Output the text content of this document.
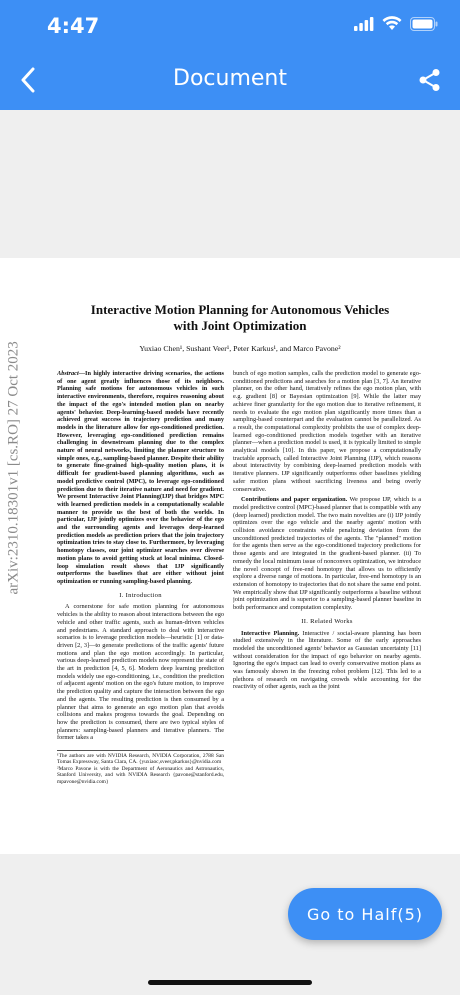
4:47
Document
arXiv:2310.18301v1 [cs.RO] 27 Oct 2023
Interactive Motion Planning for Autonomous Vehicles
with Joint Optimization
Yuxiao Chen¹, Sushant Veer¹, Peter Karkus¹, and Marco Pavone²
Abstract—In highly interactive driving scenarios, the actions of one agent greatly influences those of its neighbors. Planning safe motions for autonomous vehicles in such interactive environments, therefore, requires reasoning about the impact of the ego's intended motion plan on nearby agents' behavior. Deep-learning-based models have recently achieved great success in trajectory prediction and many models in the literature allow for ego-conditioned prediction. However, leveraging ego-conditioned prediction remains challenging in downstream planning due to the complex nature of neural networks, limiting the planner structure to simple ones, e.g., sampling-based planner. Despite their ability to generate fine-grained high-quality motion plans, it is difficult for gradient-based planning algorithms, such as model predictive control (MPC), to leverage ego-conditioned prediction due to their iterative nature and need for gradient. We present Interactive Joint Planning(IJP) that bridges MPC with learned prediction models in a computationally scalable manner to provide us the best of both the worlds. In particular, IJP jointly optimizes over the behavior of the ego and the surrounding agents and leverages deep-learned prediction models as prediction priors that the join trajectory optimization tries to stay close to. Furthermore, by leveraging homotopy classes, our joint optimizer searches over diverse motion plans to avoid getting stuck at local minima. Closed-loop simulation result shows that IJP significantly outperforms the baselines that are either without joint optimization or running sampling-based planning.
I. Introduction

A cornerstone for safe motion planning for autonomous vehicles is the ability to reason about interactions between the ego vehicle and other traffic agents, such as human-driven vehicles and pedestrians. A standard approach to deal with interactive scenarios is to leverage prediction models—heuristic [1] or data-driven [2, 3]—to generate predictions of the traffic agents' future motions and plan the ego motion accordingly. In particular, various deep-learned prediction models now represent the state of the art in prediction [4, 5, 6]. Modern deep learning prediction models widely use ego-conditioning, i.e., condition the prediction of adjacent agents' motion on the ego's future motion, to improve the prediction quality and capture the interaction between the ego and the agents. The resulting prediction is then consumed by a planner that aims to generate an ego motion plan that avoids collisions and makes progress towards the goal. Depending on how the prediction is consumed, there are two typical styles of planners: sampling-based planners and iterative planners. The former takes a

¹The authors are with NVIDIA Research, NVIDIA Corporation, 2788 San Tomas Expressway, Santa Clara, CA. {yuxiaoc,sveer,pkarkus}@nvidia.com
²Marco Pavone is with the Department of Aeronautics and Astronautics, Stanford University, and with NVIDIA Research {pavone@stanford.edu, mpavone@nvidia.com}

bunch of ego motion samples, calls the prediction model to generate ego-conditioned predictions and searches for a motion plan [3, 7]. An iterative planner, on the other hand, iteratively refines the ego motion plan, with e.g. gradient [8] or Bayesian optimization [9]. While the latter may achieve finer granularity for the ego motion due to iterative refinement, it needs to evaluate the ego motion plan significantly more times than a sampling-based counterpart and the evaluation cannot be parallelized. As a result, the computational complexity prohibits the use of complex deep-learned ego-conditioned prediction models together with an iterative planner—when a prediction model is used, it is typically limited to simple analytical models [10]. In this paper, we propose a computationally tractable approach, called Interactive Joint Planning (IJP), which reasons about interactivity by combining deep-learned prediction models with iterative planners. IJP significantly outperforms other baselines yielding safer motion plans without sacrificing liveness and being overly conservative.

Contributions and paper organization. We propose IJP, which is a model predictive control (MPC)-based planner that is compatible with any (deep learned) prediction model. The two main novelties are (i) IJP jointly optimizes over the ego vehicle and the nearby agents' motion with collision avoidance constraints while penalizing deviation from the unconditioned predicted trajectories of the agents. The "planned" motion for the agents then serve as the ego-conditioned trajectory predictions for those agents and are integrated in the gradient-based planner. (ii) To remedy the local minimum issue of nonconvex optimization, we introduce the novel concept of free-end homotopy that allows us to efficiently explore a diverse range of motions. In particular, free-end homotopy is an extension of homotopy to trajectories that do not share the same end point. We empirically show that IJP significantly outperforms a baseline without joint optimization and is superior to a sampling-based planner baseline in both performance and computation complexity.

II. Related Works

Interactive Planning. Interactive / social-aware planning has been studied extensively in the literature. Some of the early approaches modeled the unconditioned agents' behavior as Gaussian uncertainty [11] without consideration for the impact of ego behavior on nearby agents. Ignoring the ego's impact can lead to overly conservative motion plans as was famously shown in the freezing robot problem [12]. This led to a plethora of research on navigating crowds while accounting for the reactivity of other agents, such as the joint

Go to Half(5)
